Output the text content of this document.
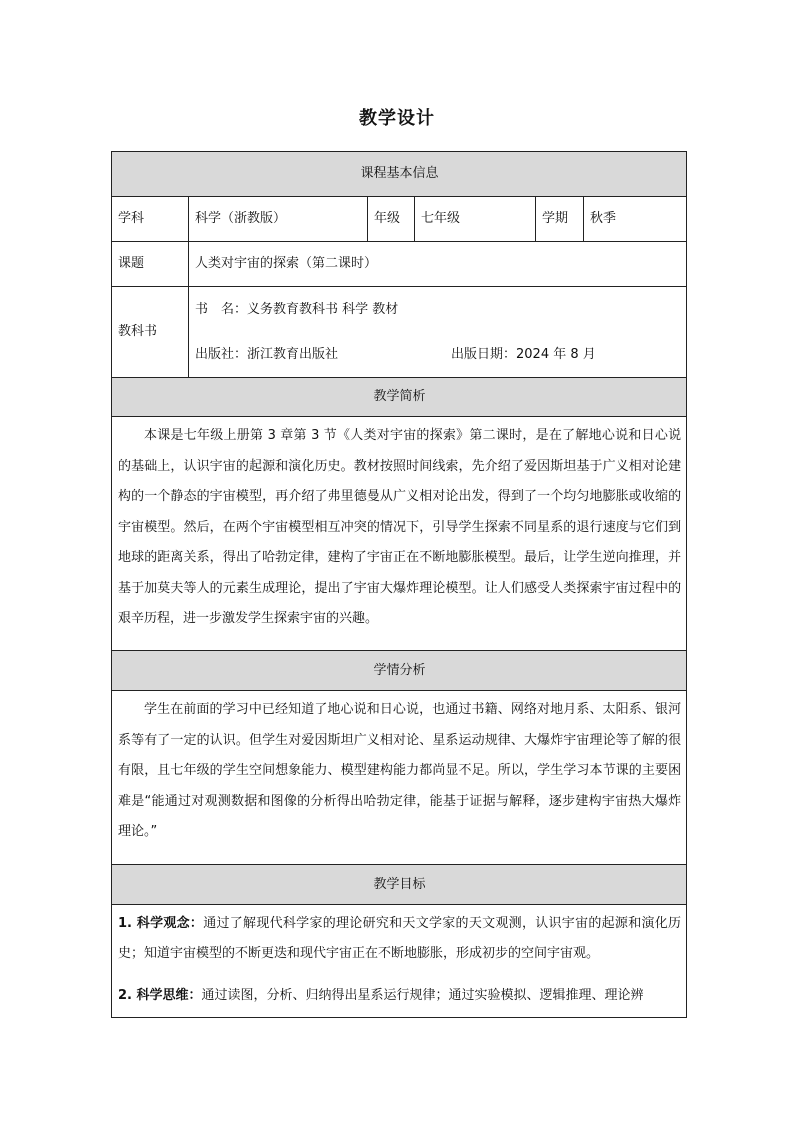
教学设计
课程基本信息					
学科	科学（浙教版）	年级	七年级	学期	秋季
课题	人类对宇宙的探索（第二课时）				
教科书	书　名：义务教育教科书 科学 教材
出版社：浙江教育出版社 出版日期：2024 年 8 月				

教学简析					

本课是七年级上册第 3 章第 3 节《人类对宇宙的探索》第二课时，是在了解地心说和日心说的基础上，认识宇宙的起源和演化历史。教材按照时间线索，先介绍了爱因斯坦基于广义相对论建构的一个静态的宇宙模型，再介绍了弗里德曼从广义相对论出发，得到了一个均匀地膨胀或收缩的宇宙模型。然后，在两个宇宙模型相互冲突的情况下，引导学生探索不同星系的退行速度与它们到地球的距离关系，得出了哈勃定律，建构了宇宙正在不断地膨胀模型。最后，让学生逆向推理，并基于加莫夫等人的元素生成理论，提出了宇宙大爆炸理论模型。让人们感受人类探索宇宙过程中的艰辛历程，进一步激发学生探索宇宙的兴趣。					

学情分析					

学生在前面的学习中已经知道了地心说和日心说，也通过书籍、网络对地月系、太阳系、银河系等有了一定的认识。但学生对爱因斯坦广义相对论、星系运动规律、大爆炸宇宙理论等了解的很有限，且七年级的学生空间想象能力、模型建构能力都尚显不足。所以，学生学习本节课的主要困难是“能通过对观测数据和图像的分析得出哈勃定律，能基于证据与解释，逐步建构宇宙热大爆炸理论。”					

教学目标					

1. 科学观念：通过了解现代科学家的理论研究和天文学家的天文观测，认识宇宙的起源和演化历史；知道宇宙模型的不断更迭和现代宇宙正在不断地膨胀，形成初步的空间宇宙观。

2. 科学思维：通过读图，分析、归纳得出星系运行规律；通过实验模拟、逻辑推理、理论辨					
